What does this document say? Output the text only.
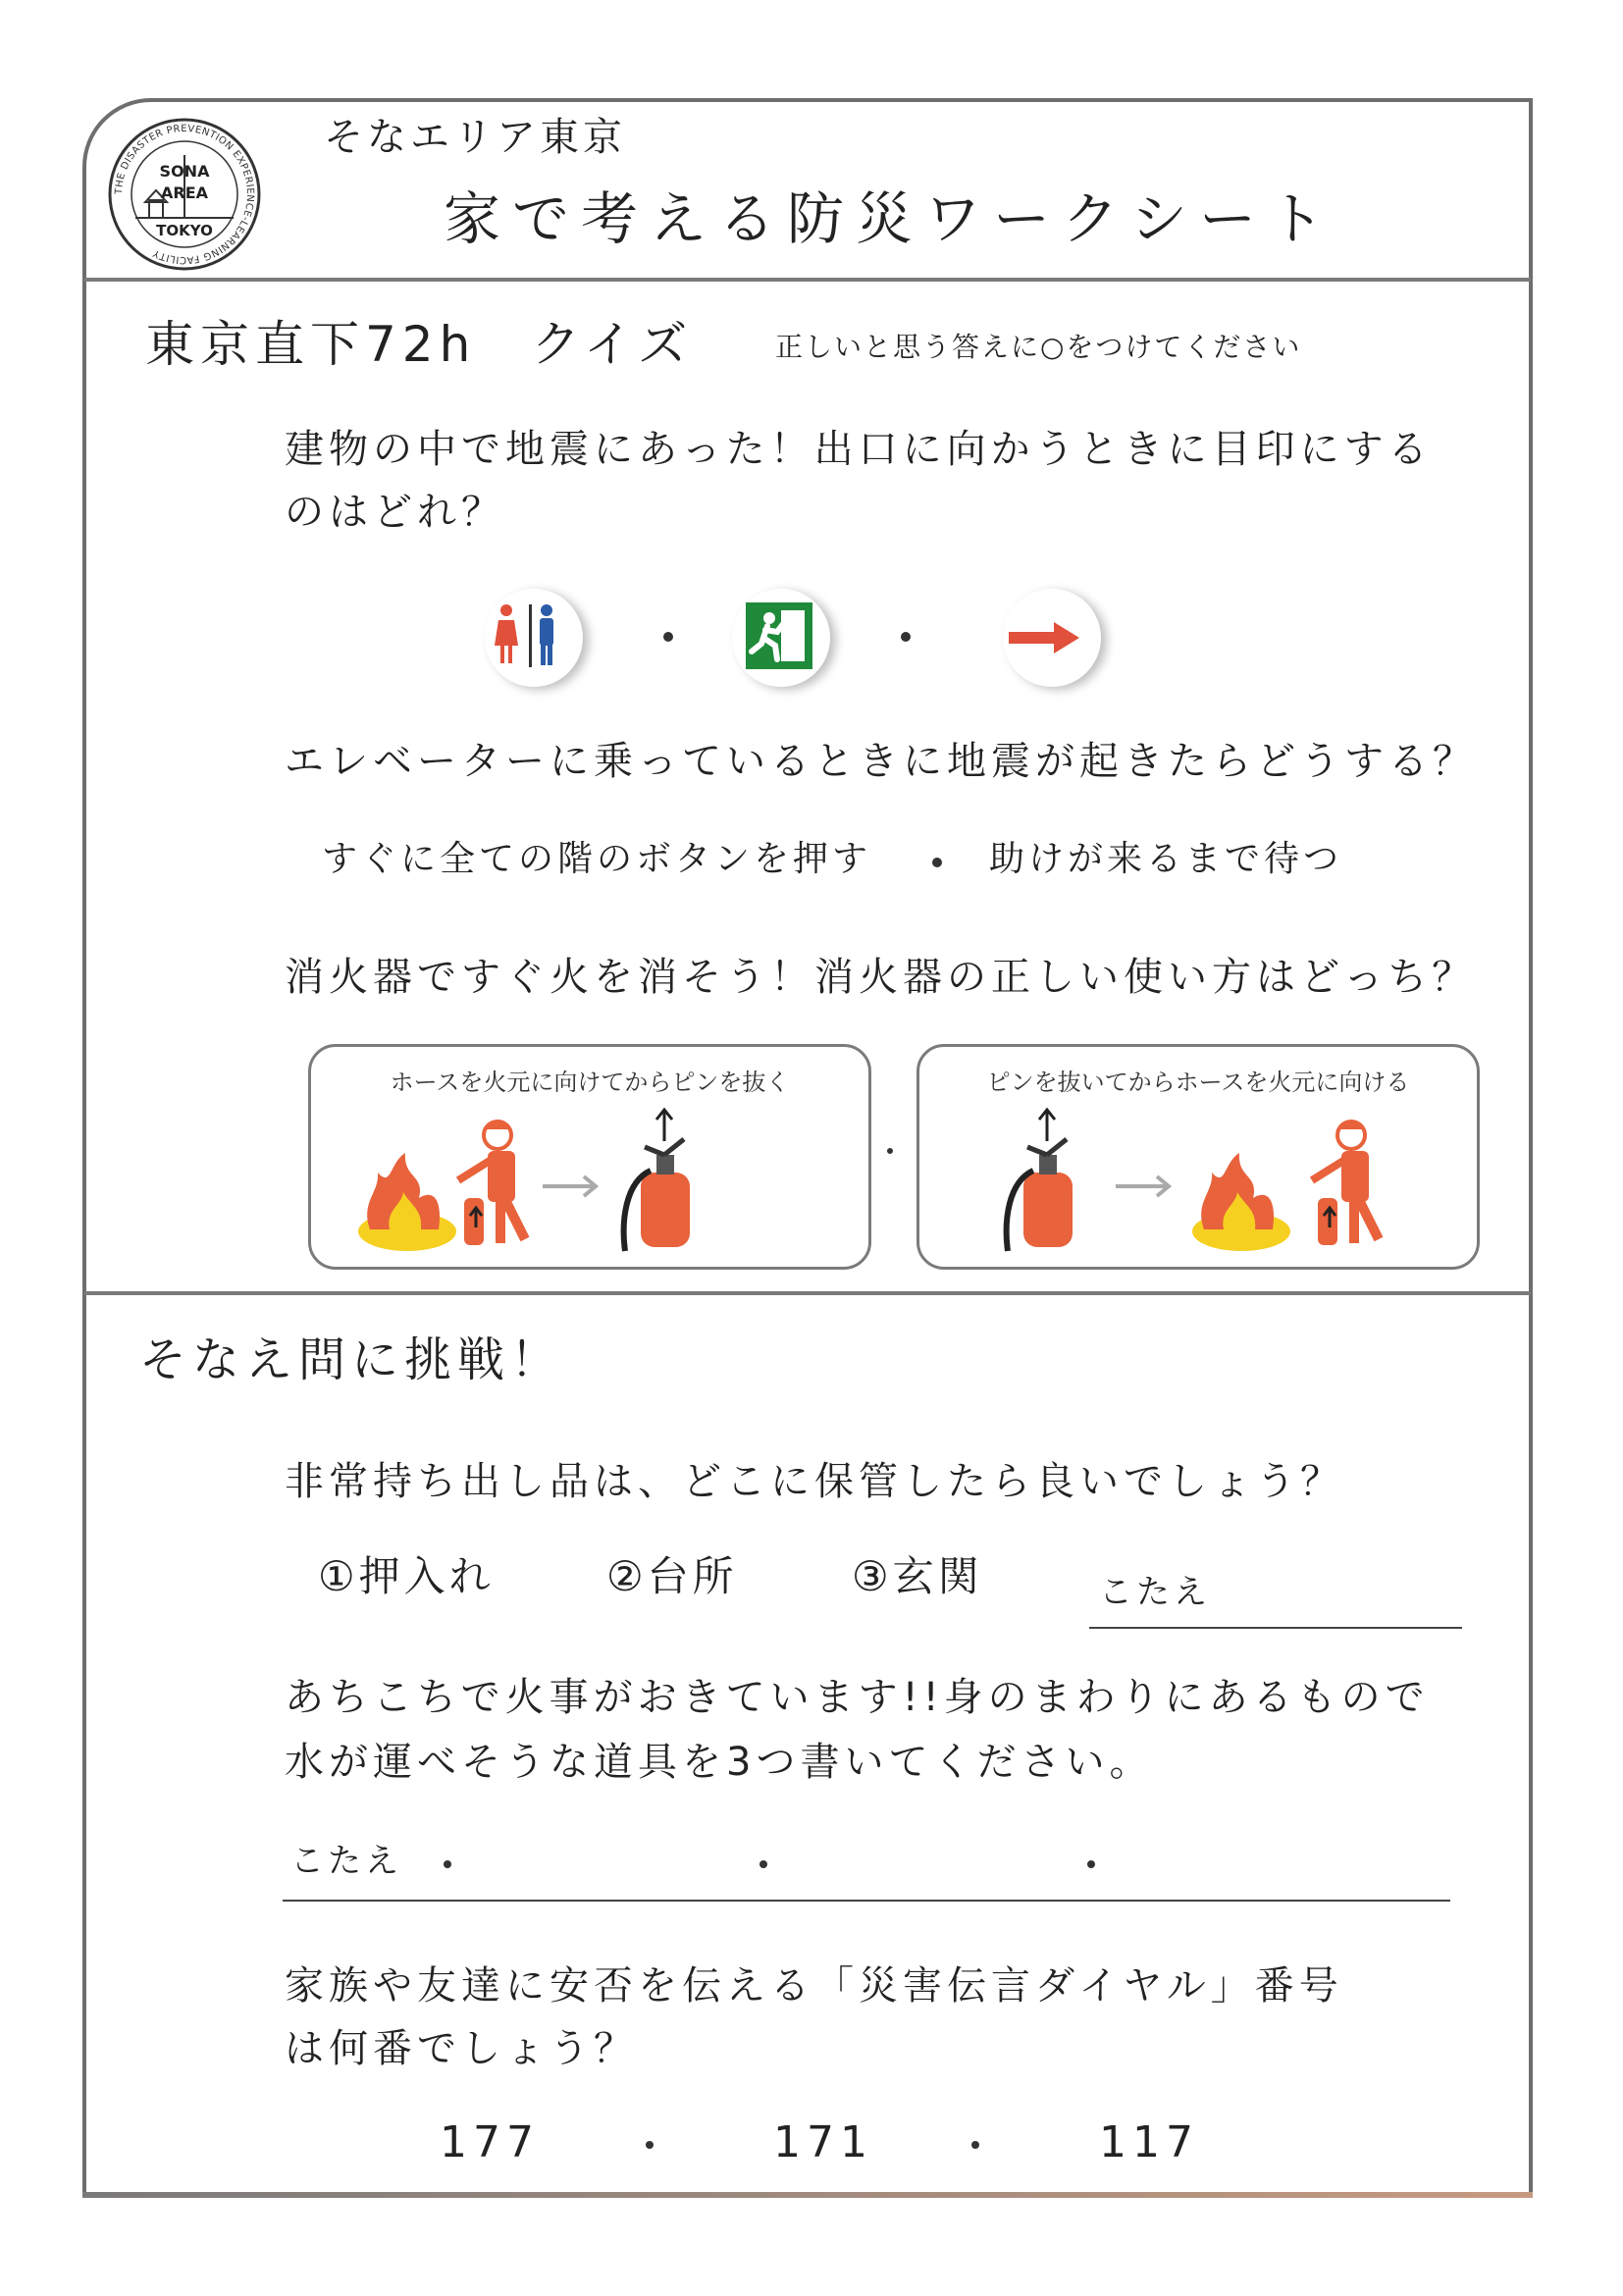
THE DISASTER PREVENTION EXPERIENCE-LEARNING FACILITY
SONA
AREA
TOKYO
そなエリア東京
家で考える防災ワークシート
東京直下72h　クイズ	正しいと思う答えに○をつけてください
建物の中で地震にあった！出口に向かうときに目印にする
のはどれ？
エレベーターに乗っているときに地震が起きたらどうする？
すぐに全ての階のボタンを押す	助けが来るまで待つ
消火器ですぐ火を消そう！消火器の正しい使い方はどっち？
ホースを火元に向けてからピンを抜く	ピンを抜いてからホースを火元に向ける
そなえ問に挑戦！
非常持ち出し品は、どこに保管したら良いでしょう？
①押入れ	②台所	③玄関	こたえ
あちこちで火事がおきています!!身のまわりにあるもので
水が運べそうな道具を3つ書いてください。
こたえ
家族や友達に安否を伝える「災害伝言ダイヤル」番号
は何番でしょう？
177	171	117
